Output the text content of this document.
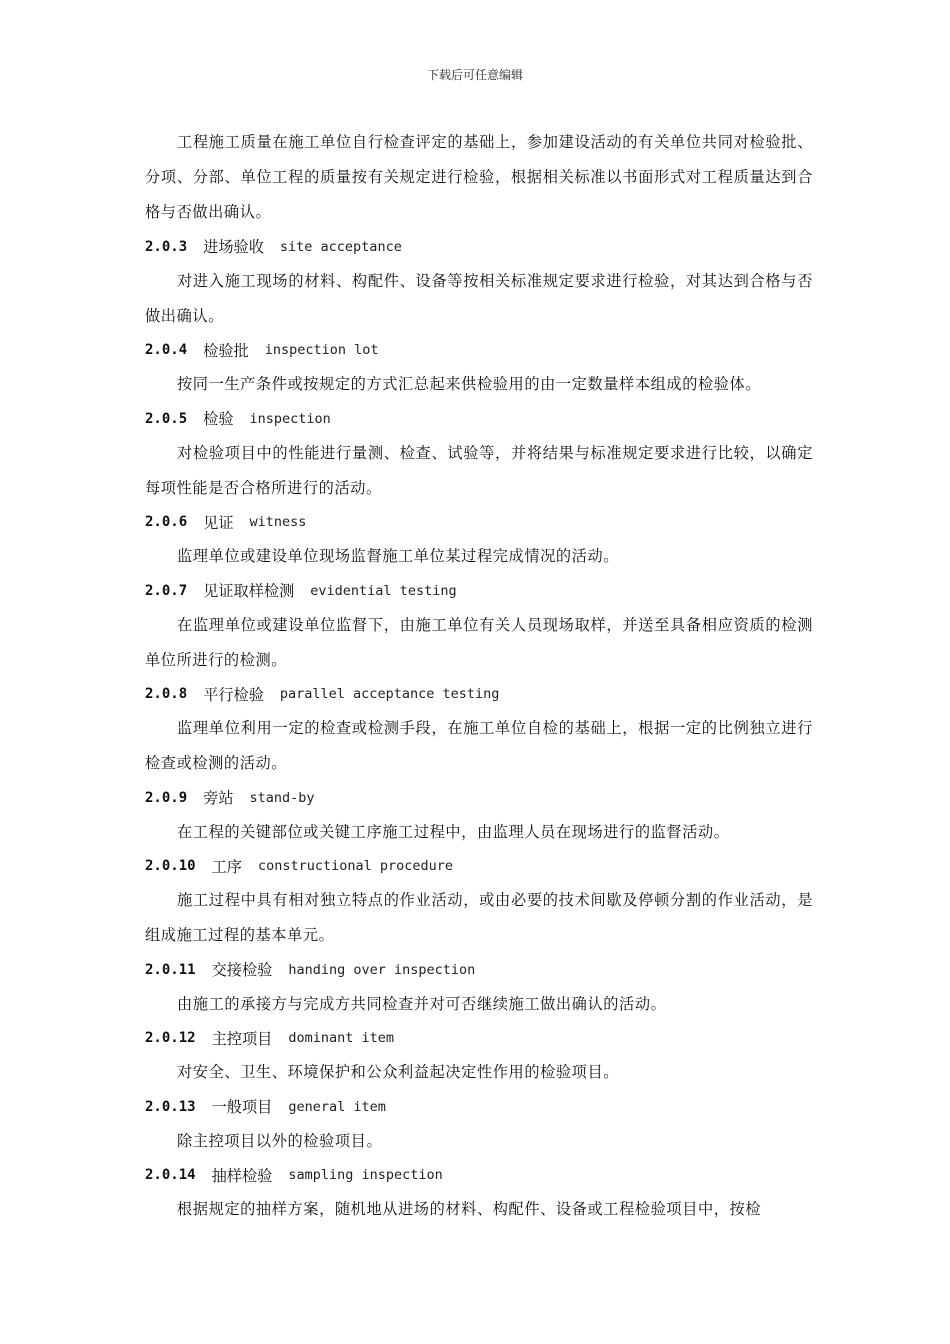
下载后可任意编辑

工程施工质量在施工单位自行检查评定的基础上，参加建设活动的有关单位共同对检验批、分项、分部、单位工程的质量按有关规定进行检验，根据相关标准以书面形式对工程质量达到合格与否做出确认。

2.0.3 进场验收 site acceptance

对进入施工现场的材料、构配件、设备等按相关标准规定要求进行检验，对其达到合格与否做出确认。

2.0.4 检验批 inspection lot

按同一生产条件或按规定的方式汇总起来供检验用的由一定数量样本组成的检验体。

2.0.5 检验 inspection

对检验项目中的性能进行量测、检查、试验等，并将结果与标准规定要求进行比较，以确定每项性能是否合格所进行的活动。

2.0.6 见证 witness

监理单位或建设单位现场监督施工单位某过程完成情况的活动。

2.0.7 见证取样检测 evidential testing

在监理单位或建设单位监督下，由施工单位有关人员现场取样，并送至具备相应资质的检测单位所进行的检测。

2.0.8 平行检验 parallel acceptance testing

监理单位利用一定的检查或检测手段，在施工单位自检的基础上，根据一定的比例独立进行检查或检测的活动。

2.0.9 旁站 stand-by

在工程的关键部位或关键工序施工过程中，由监理人员在现场进行的监督活动。

2.0.10 工序 constructional procedure

施工过程中具有相对独立特点的作业活动，或由必要的技术间歇及停顿分割的作业活动，是组成施工过程的基本单元。

2.0.11 交接检验 handing over inspection

由施工的承接方与完成方共同检查并对可否继续施工做出确认的活动。

2.0.12 主控项目 dominant item

对安全、卫生、环境保护和公众利益起决定性作用的检验项目。

2.0.13 一般项目 general item

除主控项目以外的检验项目。

2.0.14 抽样检验 sampling inspection

根据规定的抽样方案，随机地从进场的材料、构配件、设备或工程检验项目中，按检
